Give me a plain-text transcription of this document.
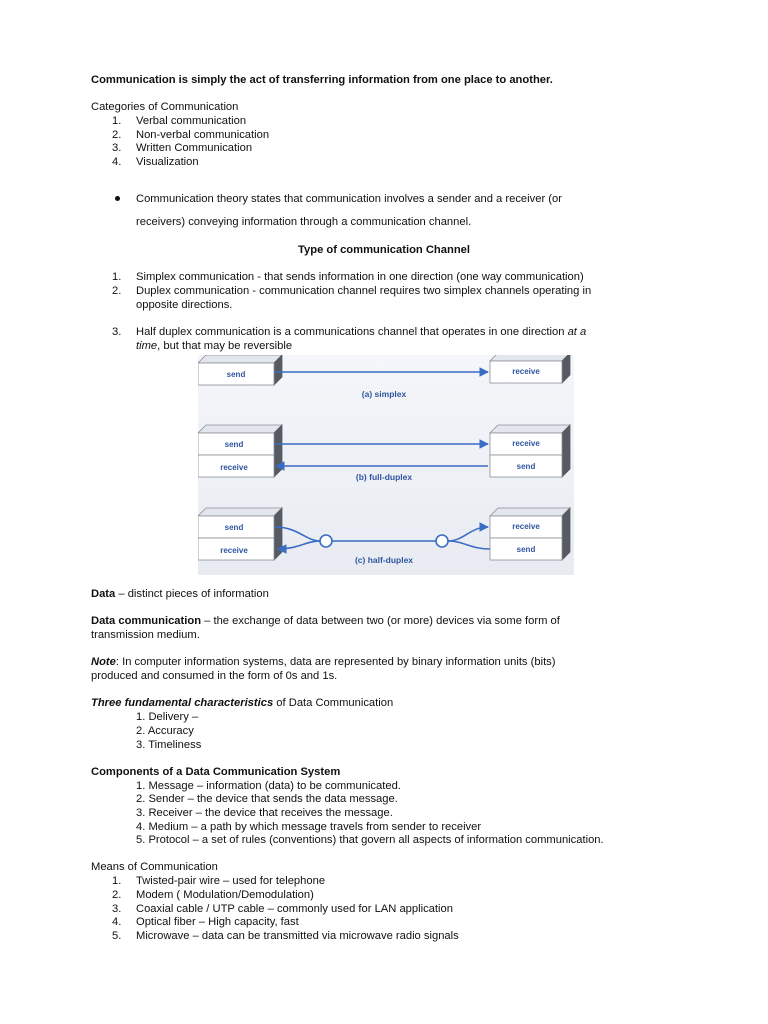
Communication is simply the act of transferring information from one place to another.
Categories of Communication
1. Verbal communication
2. Non-verbal communication
3. Written Communication
4. Visualization
Communication theory states that communication involves a sender and a receiver (or
receivers) conveying information through a communication channel.
Type of communication Channel
1. Simplex communication - that sends information in one direction (one way communication)
2. Duplex communication - communication channel requires two simplex channels operating in
opposite directions.
3. Half duplex communication is a communications channel that operates in one direction at a
time, but that may be reversible
send	receive
(a) simplex
send
receive
receive
send
(b) full-duplex
send
receive
receive
send
(c) half-duplex
Data – distinct pieces of information
Data communication – the exchange of data between two (or more) devices via some form of
transmission medium.
Note: In computer information systems, data are represented by binary information units (bits)
produced and consumed in the form of 0s and 1s.
Three fundamental characteristics of Data Communication
1. Delivery –
2. Accuracy
3. Timeliness
Components of a Data Communication System
1. Message – information (data) to be communicated.
2. Sender – the device that sends the data message.
3. Receiver – the device that receives the message.
4. Medium – a path by which message travels from sender to receiver
5. Protocol – a set of rules (conventions) that govern all aspects of information communication.
Means of Communication
1. Twisted-pair wire – used for telephone
2. Modem ( Modulation/Demodulation)
3. Coaxial cable / UTP cable – commonly used for LAN application
4. Optical fiber – High capacity, fast
5. Microwave – data can be transmitted via microwave radio signals
